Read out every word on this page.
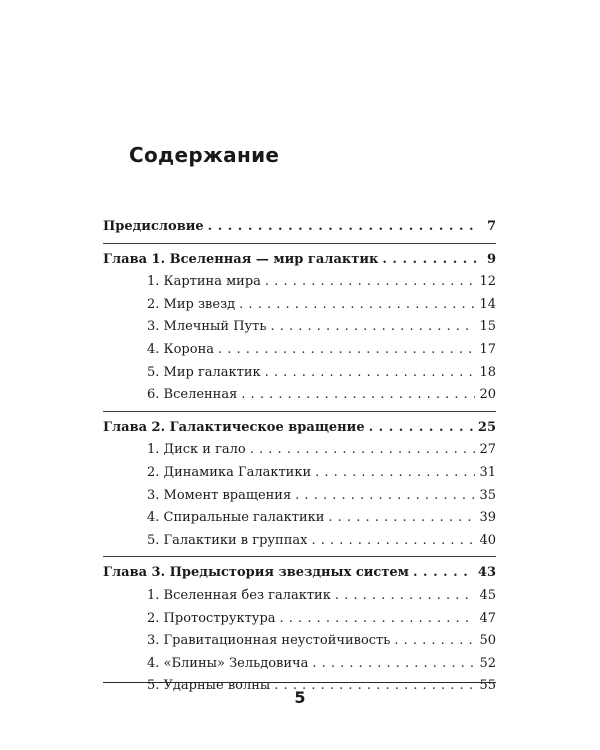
Содержание
Предисловие . . .	7
Глава 1. Вселенная — мир галактик . . .	9
1. Картина мира . . .	12
2. Мир звезд . . .	14
3. Млечный Путь . . .	15
4. Корона . . .	17
5. Мир галактик . . .	18
6. Вселенная . . .	20
Глава 2. Галактическое вращение . . .	25
1. Диск и гало . . .	27
2. Динамика Галактики . . .	31
3. Момент вращения . . .	35
4. Спиральные галактики . . .	39
5. Галактики в группах . . .	40
Глава 3. Предыстория звездных систем . . .	43
1. Вселенная без галактик . . .	45
2. Протоструктура . . .	47
3. Гравитационная неустойчивость . . .	50
4. «Блины» Зельдовича . . .	52
5. Ударные волны . . .	55
5
